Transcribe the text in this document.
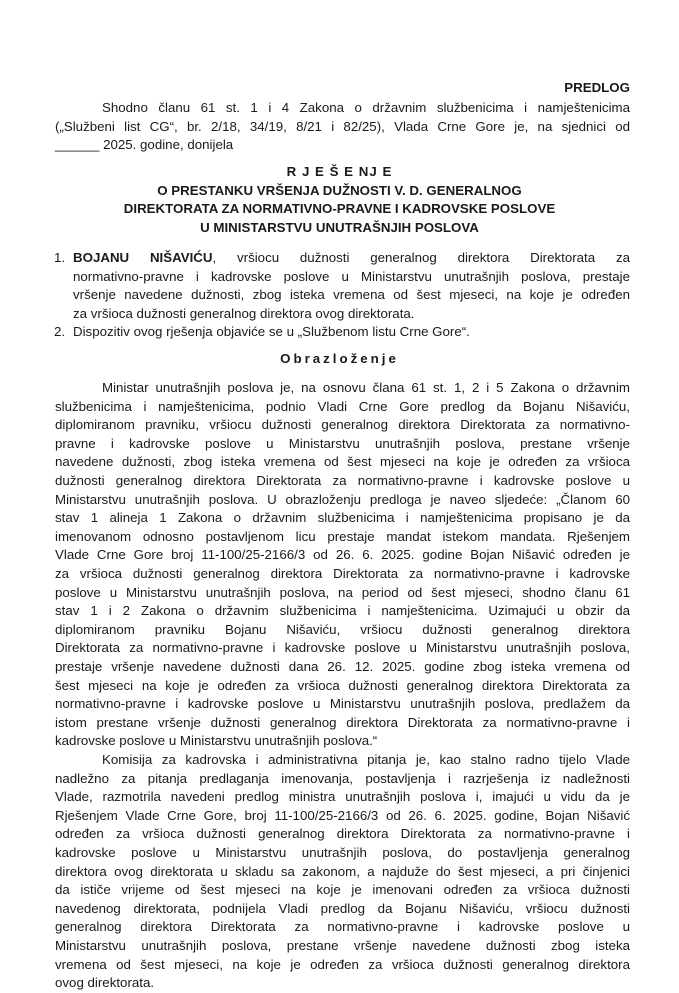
PREDLOG
Shodno članu 61 st. 1 i 4 Zakona o državnim službenicima i namještenicima
(„Službeni list CG“, br. 2/18, 34/19, 8/21 i 82/25), Vlada Crne Gore je, na sjednici od
______ 2025. godine, donijela
R J E Š E NJ E
O PRESTANKU VRŠENJA DUŽNOSTI V. D. GENERALNOG
DIREKTORATA ZA NORMATIVNO-PRAVNE I KADROVSKE POSLOVE
U MINISTARSTVU UNUTRAŠNJIH POSLOVA
1. BOJANU NIŠAVIĆU, vršiocu dužnosti generalnog direktora Direktorata za
normativno-pravne i kadrovske poslove u Ministarstvu unutrašnjih poslova, prestaje
vršenje navedene dužnosti, zbog isteka vremena od šest mjeseci, na koje je određen
za vršioca dužnosti generalnog direktora ovog direktorata.
2. Dispozitiv ovog rješenja objaviće se u „Službenom listu Crne Gore“.
Obrazloženje
Ministar unutrašnjih poslova je, na osnovu člana 61 st. 1, 2 i 5 Zakona o državnim
službenicima i namještenicima, podnio Vladi Crne Gore predlog da Bojanu Nišaviću,
diplomiranom pravniku, vršiocu dužnosti generalnog direktora Direktorata za normativno-
pravne i kadrovske poslove u Ministarstvu unutrašnjih poslova, prestane vršenje
navedene dužnosti, zbog isteka vremena od šest mjeseci na koje je određen za vršioca
dužnosti generalnog direktora Direktorata za normativno-pravne i kadrovske poslove u
Ministarstvu unutrašnjih poslova. U obrazloženju predloga je naveo sljedeće: „Članom 60
stav 1 alineja 1 Zakona o državnim službenicima i namještenicima propisano je da
imenovanom odnosno postavljenom licu prestaje mandat istekom mandata. Rješenjem
Vlade Crne Gore broj 11-100/25-2166/3 od 26. 6. 2025. godine Bojan Nišavić određen je
za vršioca dužnosti generalnog direktora Direktorata za normativno-pravne i kadrovske
poslove u Ministarstvu unutrašnjih poslova, na period od šest mjeseci, shodno članu 61
stav 1 i 2 Zakona o državnim službenicima i namještenicima. Uzimajući u obzir da
diplomiranom pravniku Bojanu Nišaviću, vršiocu dužnosti generalnog direktora
Direktorata za normativno-pravne i kadrovske poslove u Ministarstvu unutrašnjih poslova,
prestaje vršenje navedene dužnosti dana 26. 12. 2025. godine zbog isteka vremena od
šest mjeseci na koje je određen za vršioca dužnosti generalnog direktora Direktorata za
normativno-pravne i kadrovske poslove u Ministarstvu unutrašnjih poslova, predlažem da
istom prestane vršenje dužnosti generalnog direktora Direktorata za normativno-pravne i
kadrovske poslove u Ministarstvu unutrašnjih poslova.“
Komisija za kadrovska i administrativna pitanja je, kao stalno radno tijelo Vlade
nadležno za pitanja predlaganja imenovanja, postavljenja i razrješenja iz nadležnosti
Vlade, razmotrila navedeni predlog ministra unutrašnjih poslova i, imajući u vidu da je
Rješenjem Vlade Crne Gore, broj 11-100/25-2166/3 od 26. 6. 2025. godine, Bojan Nišavić
određen za vršioca dužnosti generalnog direktora Direktorata za normativno-pravne i
kadrovske poslove u Ministarstvu unutrašnjih poslova, do postavljenja generalnog
direktora ovog direktorata u skladu sa zakonom, a najduže do šest mjeseci, a pri činjenici
da ističe vrijeme od šest mjeseci na koje je imenovani određen za vršioca dužnosti
navedenog direktorata, podnijela Vladi predlog da Bojanu Nišaviću, vršiocu dužnosti
generalnog direktora Direktorata za normativno-pravne i kadrovske poslove u
Ministarstvu unutrašnjih poslova, prestane vršenje navedene dužnosti zbog isteka
vremena od šest mjeseci, na koje je određen za vršioca dužnosti generalnog direktora
ovog direktorata.
